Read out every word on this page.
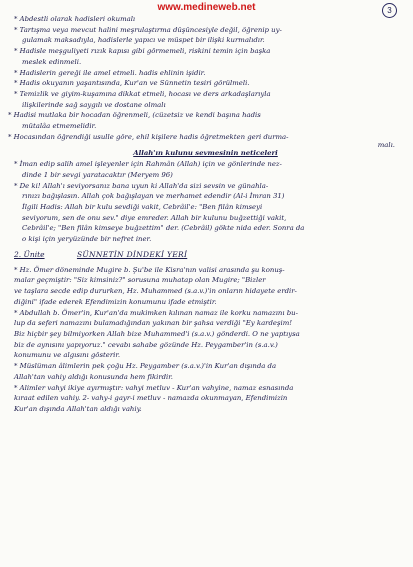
www.medineweb.net	3
* Abdestli olarak hadisleri okumalı
* Tartışma veya mevcut halini meşrulaştırma düşüncesiyle değil, öğrenip uy-
gulamak maksadıyla, hadislerle yapıcı ve müspet bir ilişki kurmalıdır.
* Hadisle meşguliyeti rızık kapısı gibi görmemeli, riskini temin için başka
meslek edinmeli.
* Hadislerin gereği ile amel etmeli. hadis ehlinin işidir.
* Hadis okuyanın yaşantısında, Kur'an ve Sünnetin tesiri görülmeli.
* Temizlik ve giyim-kuşamına dikkat etmeli, hocası ve ders arkadaşlarıyla
ilişkilerinde sağ saygılı ve dostane olmalı
* Hadisi mutlaka bir hocadan öğrenmeli, (cüzetsiz ve kendi başına hadis
mütalâa etmemelidir.
* Hocasından öğrendiği usulle göre, ehil kişilere hadis öğretmekten geri durma-
malı.
Allah'ın kulunu sevmesinin neticeleri
* İman edip salih amel işleyenler için Rahmân (Allah) için ve gönlerinde nez-
dinde 1 bir sevgi yaratacaktır (Meryem 96)
* De ki! Allah'ı seviyorsanız bana uyun ki Allah'da sizi sevsin ve günahla-
rınızı bağışlasın. Allah çok bağışlayan ve merhamet edendir (Al-i İmran 31)
İlgili Hadis: Allah bir kulu sevdiği vakit, Cebrâil'e: "Ben filân kimseyi
seviyorum, sen de onu sev." diye emreder. Allah bir kulunu buğzettiği vakit,
Cebrâil'e; "Ben filân kimseye buğzettim" der. (Cebrâil) gökte nida eder. Sonra da
o kişi için yeryüzünde bir nefret iner.
2. Ünite	SÜNNETİN DİNDEKİ YERİ
* Hz. Ömer döneminde Mugire b. Şu'be ile Kisra'nın valisi arasında şu konuş-
malar geçmiştir: "Siz kimsiniz?" sorusuna muhatap olan Mugire; "Bizler
ve taşlara secde edip dururken, Hz. Muhammed (s.a.v.)'in onların hidayete erdir-
diğini" ifade ederek Efendimizin konumunu ifade etmiştir.
* Abdullah b. Ömer'in, Kur'an'da mukimken kılınan namaz ile korku namazını bu-
lup da seferi namazını bulamadığından yakınan bir şahsa verdiği "Ey kardeşim!
Biz hiçbir şey bilmiyorken Allah bize Muhammed'i (s.a.v.) gönderdi. O ne yaptıysa
biz de aynısını yapıyoruz." cevabı sahabe gözünde Hz. Peygamber'in (s.a.v.)
konumunu ve algısını gösterir.
* Müslüman âlimlerin pek çoğu Hz. Peygamber (s.a.v.)'in Kur'an dışında da
Allah'tan vahiy aldığı konusunda hem fikirdir.
* Alimler vahyi ikiye ayırmıştır: vahyi metluv - Kur'an vahyine, namaz esnasında
kıraat edilen vahiy. 2- vahy-i gayr-i metluv - namazda okunmayan, Efendimizin
Kur'an dışında Allah'tan aldığı vahiy.
